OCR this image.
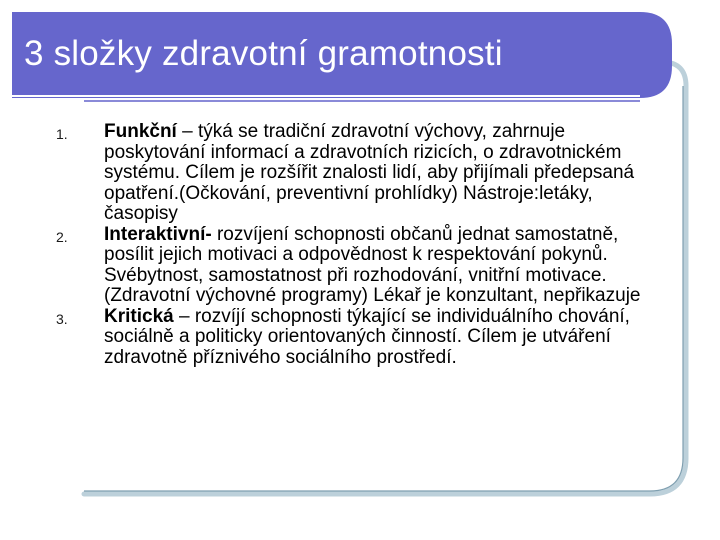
3 složky zdravotní gramotnosti
1. Funkční – týká se tradiční zdravotní výchovy, zahrnuje poskytování informací a zdravotních rizicích, o zdravotnickém systému. Cílem je rozšířit znalosti lidí, aby přijímali předepsaná opatření.(Očkování, preventivní prohlídky) Nástroje:letáky, časopisy
2. Interaktivní- rozvíjení schopnosti občanů jednat samostatně, posílit jejich motivaci a odpovědnost k respektování pokynů. Svébytnost, samostatnost při rozhodování, vnitřní motivace.(Zdravotní výchovné programy) Lékař je konzultant, nepřikazuje
3. Kritická – rozvíjí schopnosti týkající se individuálního chování, sociálně a politicky orientovaných činností. Cílem je utváření zdravotně příznivého sociálního prostředí.
